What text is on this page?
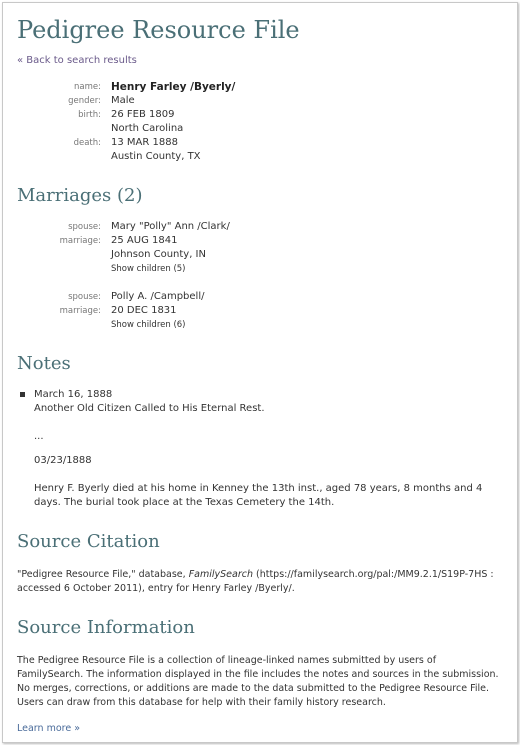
Pedigree Resource File
« Back to search results
name: Henry Farley /Byerly/
gender:	Male
birth:	26 FEB 1809
North Carolina
death:	13 MAR 1888
Austin County, TX
Marriages (2)
spouse:	Mary "Polly" Ann /Clark/
marriage:	25 AUG 1841
Johnson County, IN
Show children (5)
spouse:	Polly A. /Campbell/
marriage:	20 DEC 1831
Show children (6)
Notes
March 16, 1888
Another Old Citizen Called to His Eternal Rest.
...
03/23/1888
Henry F. Byerly died at his home in Kenney the 13th inst., aged 78 years, 8 months and 4 days. The burial took place at the Texas Cemetery the 14th.
Source Citation
"Pedigree Resource File," database, FamilySearch (https://familysearch.org/pal:/MM9.2.1/S19P-7HS : accessed 6 October 2011), entry for Henry Farley /Byerly/.
Source Information
The Pedigree Resource File is a collection of lineage-linked names submitted by users of FamilySearch. The information displayed in the file includes the notes and sources in the submission. No merges, corrections, or additions are made to the data submitted to the Pedigree Resource File. Users can draw from this database for help with their family history research.
Learn more »
